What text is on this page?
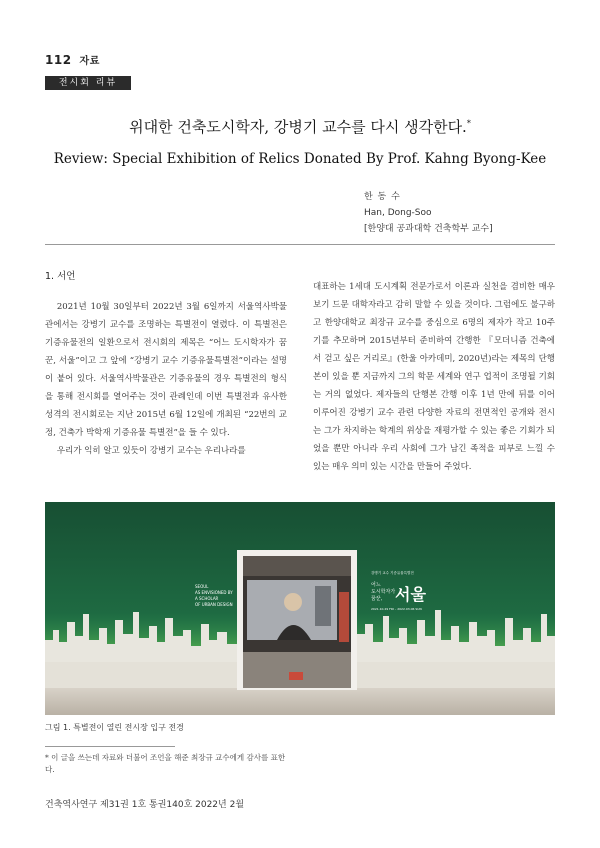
112 자료
전시회 리뷰
위대한 건축도시학자, 강병기 교수를 다시 생각한다.*
Review: Special Exhibition of Relics Donated By Prof. Kahng Byong-Kee
한 동 수
Han, Dong-Soo
[한양대 공과대학 건축학부 교수]
1. 서언

2021년 10월 30일부터 2022년 3월 6일까지 서울역사박물관에서는 강병기 교수를 조명하는 특별전이 열렸다. 이 특별전은 기증유물전의 일환으로서 전시회의 제목은 “어느 도시학자가 꿈꾼, 서울”이고 그 앞에 “강병기 교수 기증유물특별전”이라는 설명이 붙어 있다. 서울역사박물관은 기증유물의 경우 특별전의 형식을 통해 전시회를 열어주는 것이 관례인데 이번 특별전과 유사한 성격의 전시회로는 지난 2015년 6월 12일에 개최된 “22번의 교정, 건축가 박학재 기증유물 특별전”을 들 수 있다.

우리가 익히 알고 있듯이 강병기 교수는 우리나라를

대표하는 1세대 도시계획 전문가로서 이론과 실천을 겸비한 매우 보기 드문 대학자라고 감히 말할 수 있을 것이다. 그럼에도 불구하고 한양대학교 최장규 교수를 중심으로 6명의 제자가 작고 10주기를 추모하며 2015년부터 준비하여 간행한 『모더니즘 건축에서 걷고 싶은 거리로』(한울 아카데미, 2020년)라는 제목의 단행본이 있을 뿐 지금까지 그의 학문 세계와 연구 업적이 조명될 기회는 거의 없었다. 제자들의 단행본 간행 이후 1년 만에 뒤를 이어 이루어진 강병기 교수 관련 다양한 자료의 전면적인 공개와 전시는 그가 차지하는 학계의 위상을 재평가할 수 있는 좋은 기회가 되었을 뿐만 아니라 우리 사회에 그가 남긴 족적을 피부로 느낄 수 있는 매우 의미 있는 시간을 만들어 주었다.

SEOUL
AS ENVISIONED BY
A SCHOLAR
OF URBAN DESIGN
강병기 교수 기증유물특별전
어느
도시학자가
꿈꾼, 서울
2021.10.29 FRI – 2022.03.06 SUN
그림 1. 특별전이 열린 전시장 입구 전경
* 이 글을 쓰는데 자료와 더불어 조언을 해준 최장규 교수에게 감사를 표한다.
건축역사연구 제31권 1호 통권140호 2022년 2월
